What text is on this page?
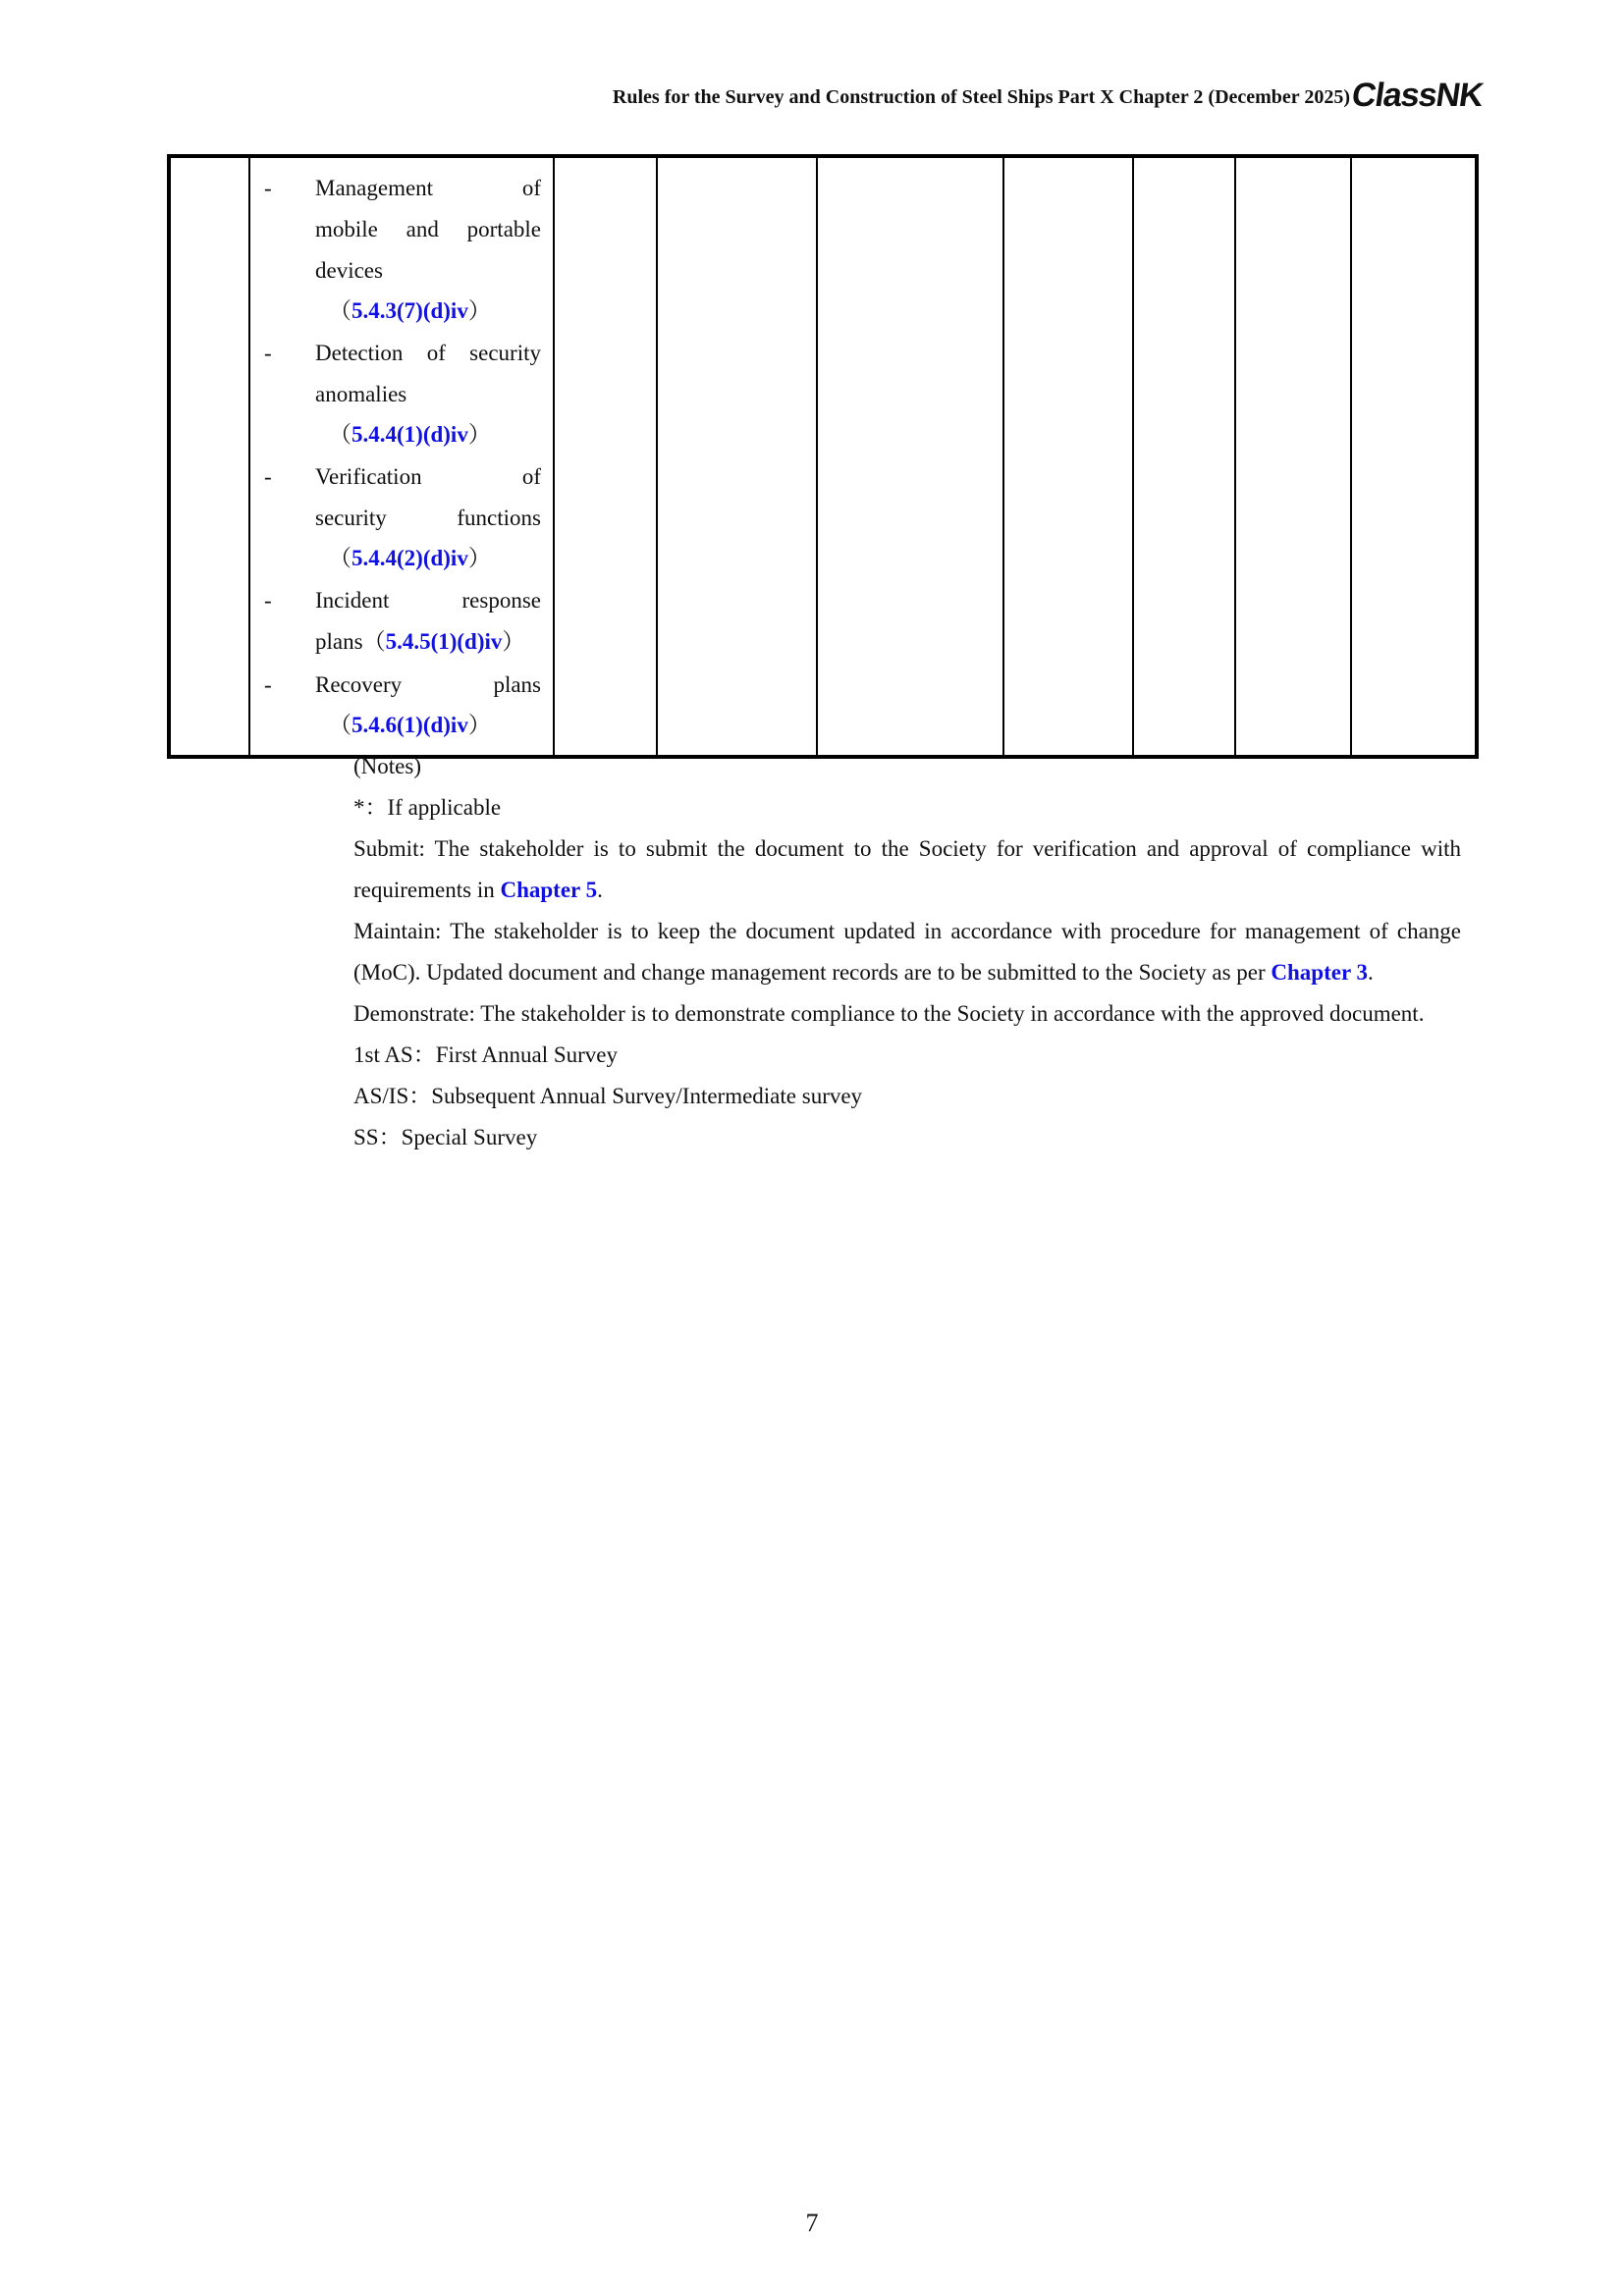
Rules for the Survey and Construction of Steel Ships Part X Chapter 2 (December 2025) ClassNK

-	Management	of
mobile and portable
devices
（5.4.3(7)(d)iv）
-	Detection of security
anomalies
（5.4.4(1)(d)iv）
-	Verification	of
security	functions
（5.4.4(2)(d)iv）
-	Incident	response
plans（5.4.5(1)(d)iv）
-	Recovery	plans
（5.4.6(1)(d)iv）

(Notes)

*：If applicable

Submit: The stakeholder is to submit the document to the Society for verification and approval of compliance with requirements in Chapter 5.

Maintain: The stakeholder is to keep the document updated in accordance with procedure for management of change (MoC). Updated document and change management records are to be submitted to the Society as per Chapter 3.

Demonstrate: The stakeholder is to demonstrate compliance to the Society in accordance with the approved document.

1st AS：First Annual Survey

AS/IS：Subsequent Annual Survey/Intermediate survey

SS：Special Survey

7
